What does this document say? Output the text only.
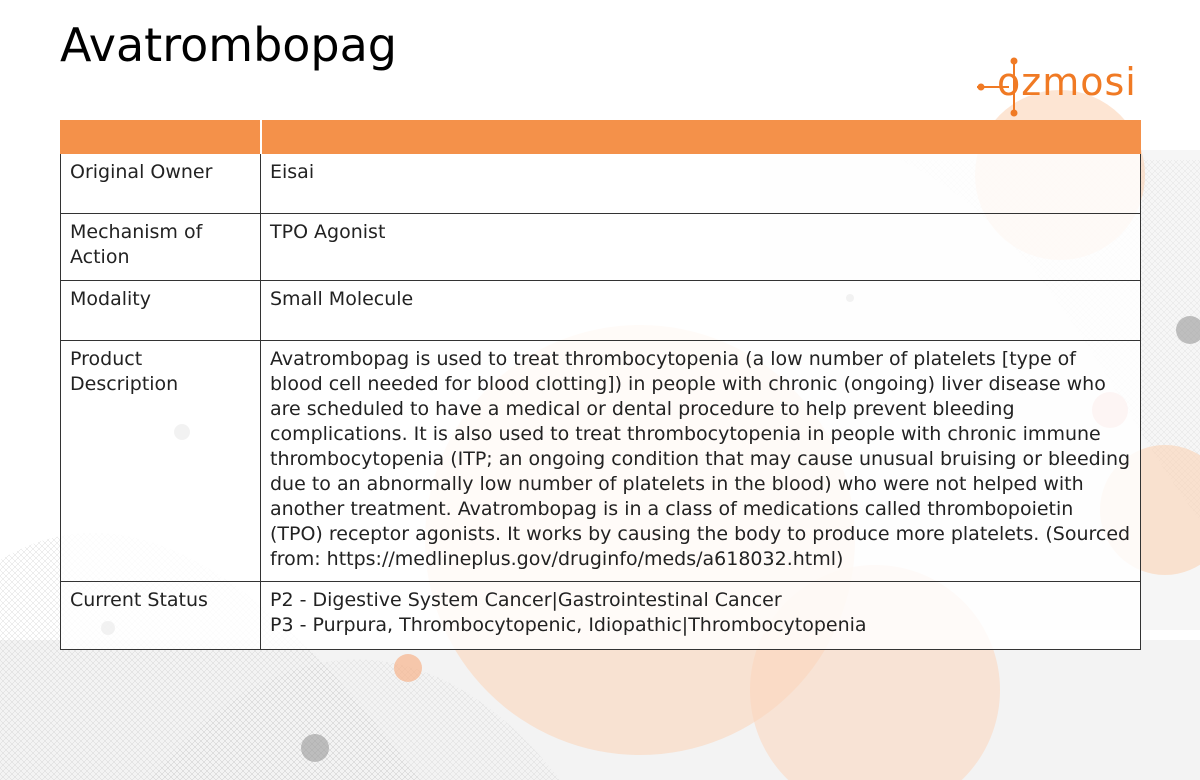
Avatrombopag
ozmosi

Original Owner	Eisai
Mechanism of Action	TPO Agonist
Modality	Small Molecule
Product Description	Avatrombopag is used to treat thrombocytopenia (a low number of platelets [type of blood cell needed for blood clotting]) in people with chronic (ongoing) liver disease who are scheduled to have a medical or dental procedure to help prevent bleeding complications. It is also used to treat thrombocytopenia in people with chronic immune thrombocytopenia (ITP; an ongoing condition that may cause unusual bruising or bleeding due to an abnormally low number of platelets in the blood) who were not helped with another treatment. Avatrombopag is in a class of medications called thrombopoietin (TPO) receptor agonists. It works by causing the body to produce more platelets. (Sourced from: https://medlineplus.gov/druginfo/meds/a618032.html)
Current Status	P2 - Digestive System Cancer|Gastrointestinal Cancer
P3 - Purpura, Thrombocytopenic, Idiopathic|Thrombocytopenia
